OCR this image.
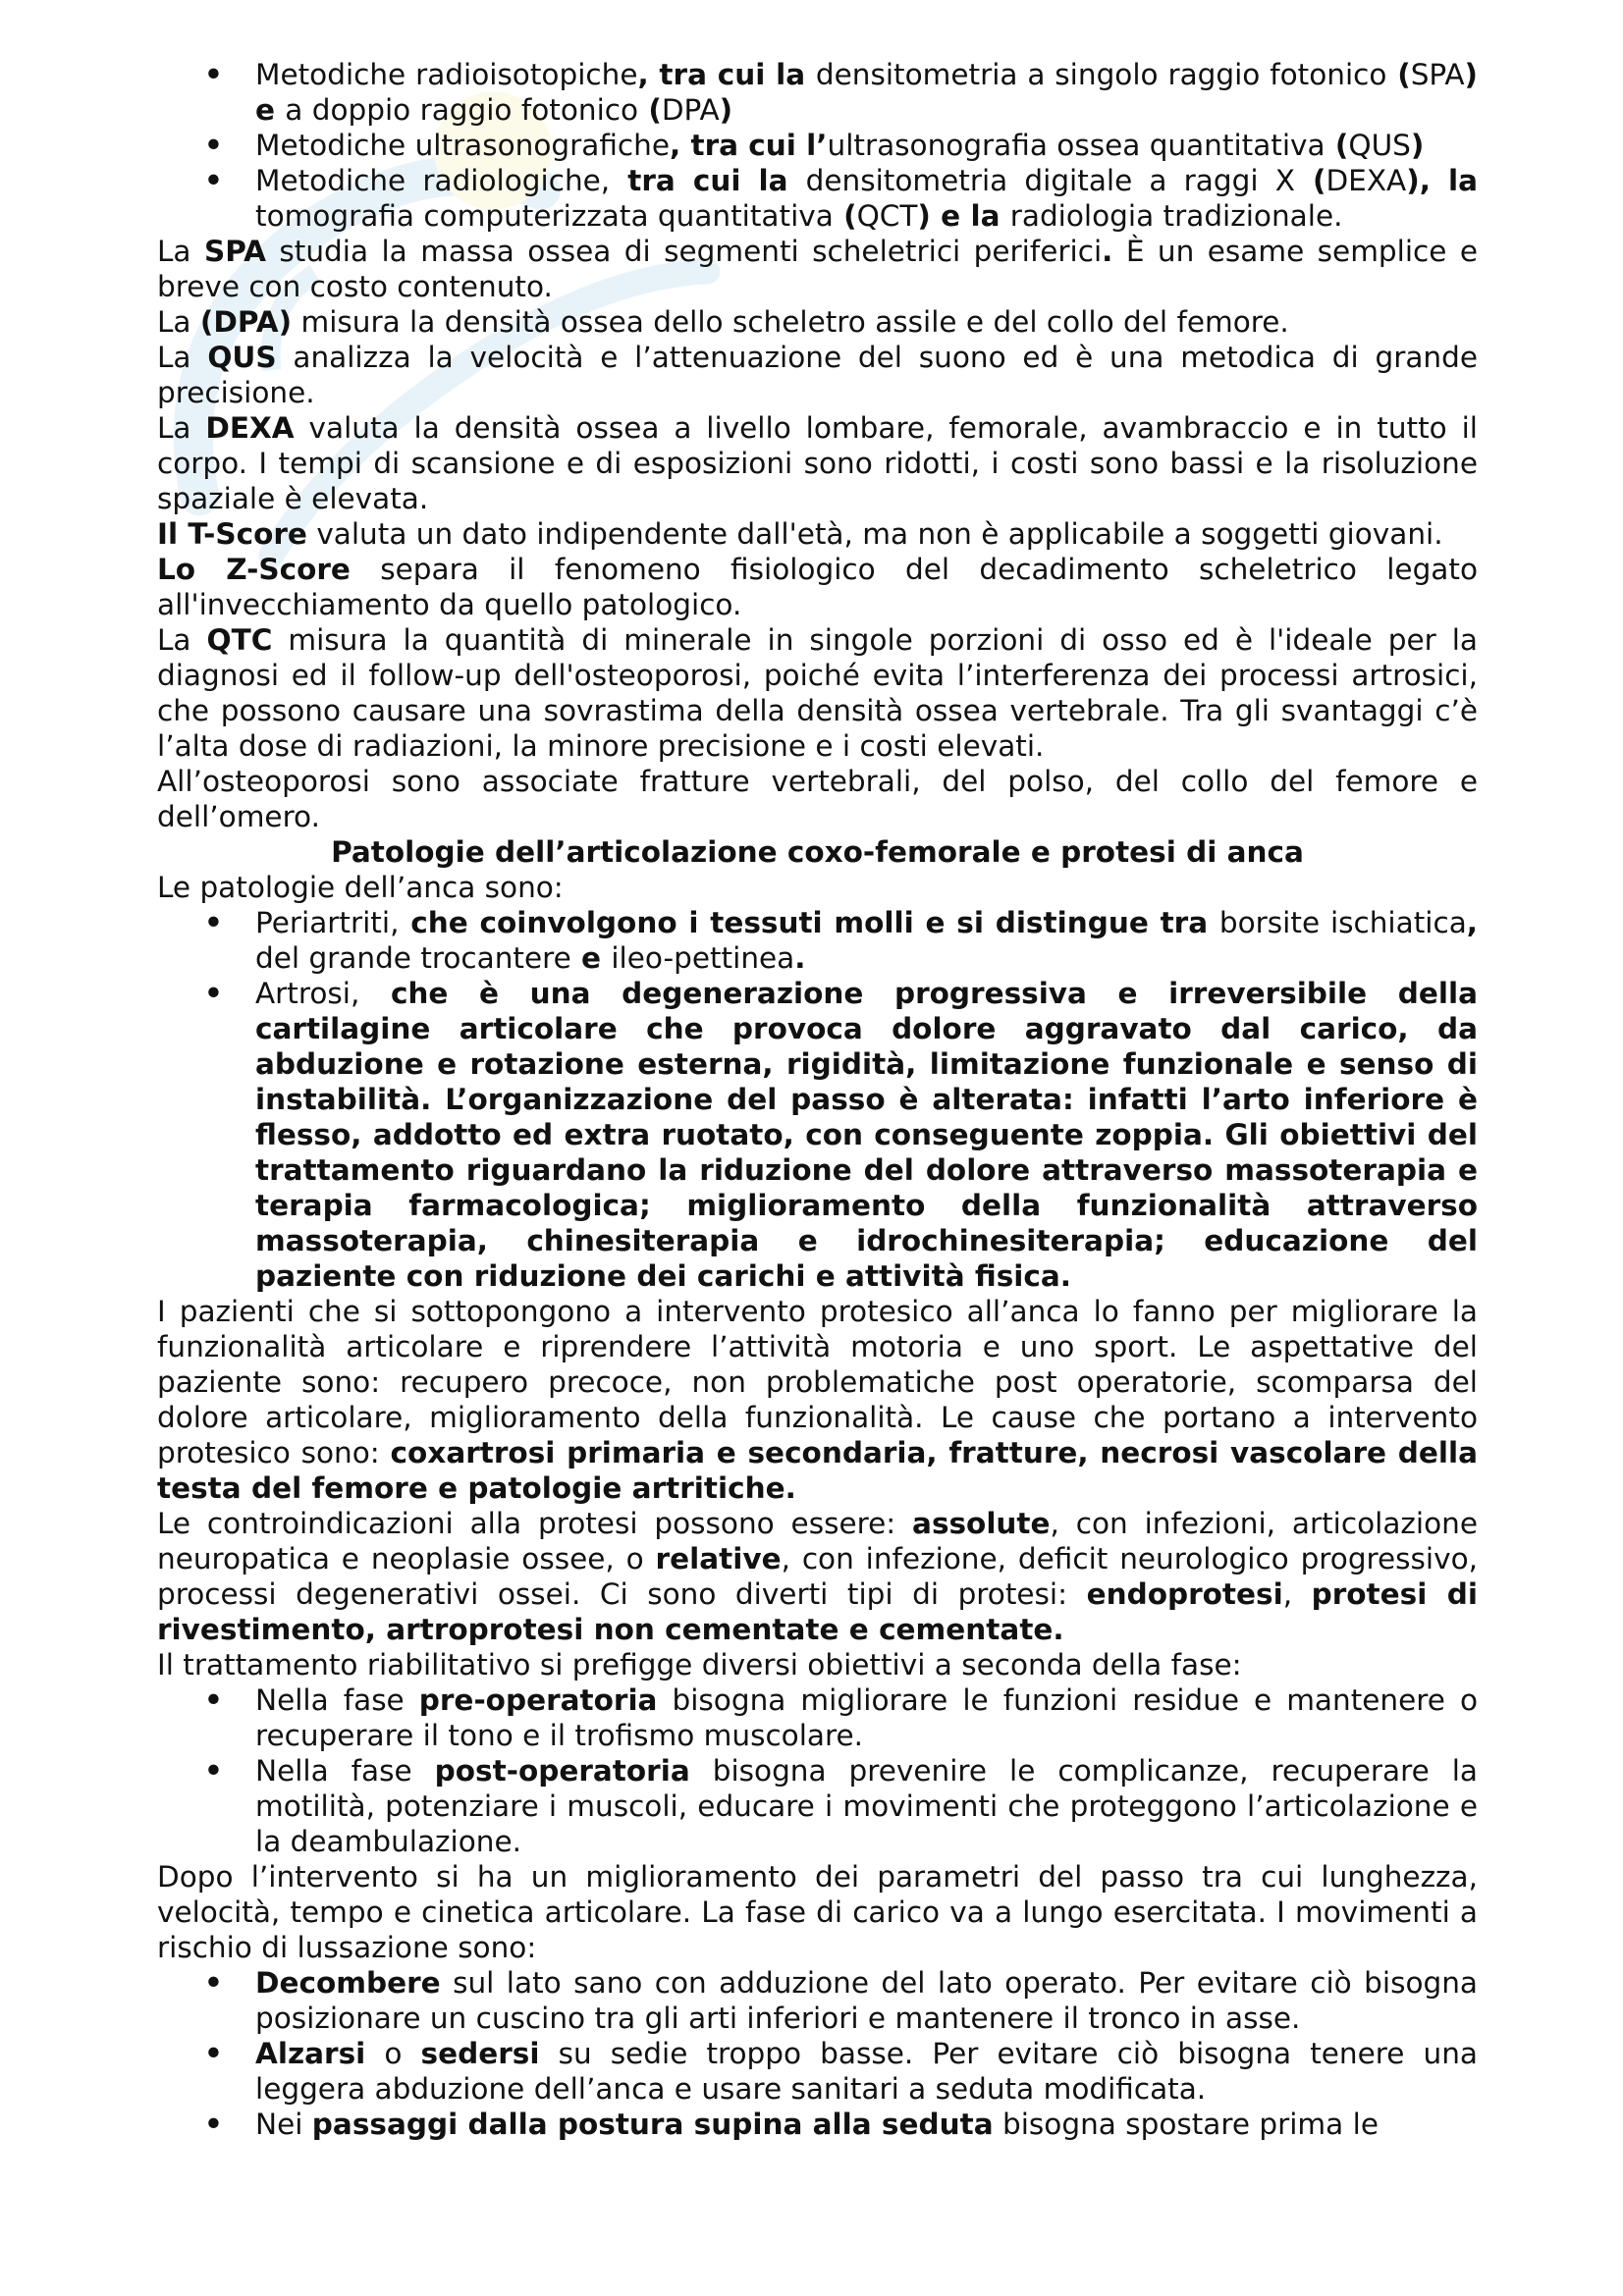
• Metodiche radioisotopiche, tra cui la densitometria a singolo raggio fotonico (SPA) e a doppio raggio fotonico (DPA)
• Metodiche ultrasonografiche, tra cui l’ultrasonografia ossea quantitativa (QUS)
• Metodiche radiologiche, tra cui la densitometria digitale a raggi X (DEXA), la tomografia computerizzata quantitativa (QCT) e la radiologia tradizionale.

La SPA studia la massa ossea di segmenti scheletrici periferici. È un esame semplice e breve con costo contenuto.

La (DPA) misura la densità ossea dello scheletro assile e del collo del femore.

La QUS analizza la velocità e l’attenuazione del suono ed è una metodica di grande precisione.

La DEXA valuta la densità ossea a livello lombare, femorale, avambraccio e in tutto il corpo. I tempi di scansione e di esposizioni sono ridotti, i costi sono bassi e la risoluzione spaziale è elevata.

Il T-Score valuta un dato indipendente dall'età, ma non è applicabile a soggetti giovani.

Lo Z-Score separa il fenomeno fisiologico del decadimento scheletrico legato all'invecchiamento da quello patologico.

La QTC misura la quantità di minerale in singole porzioni di osso ed è l'ideale per la diagnosi ed il follow-up dell'osteoporosi, poiché evita l’interferenza dei processi artrosici, che possono causare una sovrastima della densità ossea vertebrale. Tra gli svantaggi c’è l’alta dose di radiazioni, la minore precisione e i costi elevati.

All’osteoporosi sono associate fratture vertebrali, del polso, del collo del femore e dell’omero.

Patologie dell’articolazione coxo-femorale e protesi di anca

Le patologie dell’anca sono:

• Periartriti, che coinvolgono i tessuti molli e si distingue tra borsite ischiatica, del grande trocantere e ileo-pettinea.
• Artrosi, che è una degenerazione progressiva e irreversibile della cartilagine articolare che provoca dolore aggravato dal carico, da abduzione e rotazione esterna, rigidità, limitazione funzionale e senso di instabilità. L’organizzazione del passo è alterata: infatti l’arto inferiore è flesso, addotto ed extra ruotato, con conseguente zoppia. Gli obiettivi del trattamento riguardano la riduzione del dolore attraverso massoterapia e terapia farmacologica; miglioramento della funzionalità attraverso massoterapia, chinesiterapia e idrochinesiterapia; educazione del paziente con riduzione dei carichi e attività fisica.

I pazienti che si sottopongono a intervento protesico all’anca lo fanno per migliorare la funzionalità articolare e riprendere l’attività motoria e uno sport. Le aspettative del paziente sono: recupero precoce, non problematiche post operatorie, scomparsa del dolore articolare, miglioramento della funzionalità. Le cause che portano a intervento protesico sono: coxartrosi primaria e secondaria, fratture, necrosi vascolare della testa del femore e patologie artritiche.

Le controindicazioni alla protesi possono essere: assolute, con infezioni, articolazione neuropatica e neoplasie ossee, o relative, con infezione, deficit neurologico progressivo, processi degenerativi ossei. Ci sono diverti tipi di protesi: endoprotesi, protesi di rivestimento, artroprotesi non cementate e cementate.

Il trattamento riabilitativo si prefigge diversi obiettivi a seconda della fase:

• Nella fase pre-operatoria bisogna migliorare le funzioni residue e mantenere o recuperare il tono e il trofismo muscolare.
• Nella fase post-operatoria bisogna prevenire le complicanze, recuperare la motilità, potenziare i muscoli, educare i movimenti che proteggono l’articolazione e la deambulazione.

Dopo l’intervento si ha un miglioramento dei parametri del passo tra cui lunghezza, velocità, tempo e cinetica articolare. La fase di carico va a lungo esercitata. I movimenti a rischio di lussazione sono:

• Decombere sul lato sano con adduzione del lato operato. Per evitare ciò bisogna posizionare un cuscino tra gli arti inferiori e mantenere il tronco in asse.
• Alzarsi o sedersi su sedie troppo basse. Per evitare ciò bisogna tenere una leggera abduzione dell’anca e usare sanitari a seduta modificata.
• Nei passaggi dalla postura supina alla seduta bisogna spostare prima le
